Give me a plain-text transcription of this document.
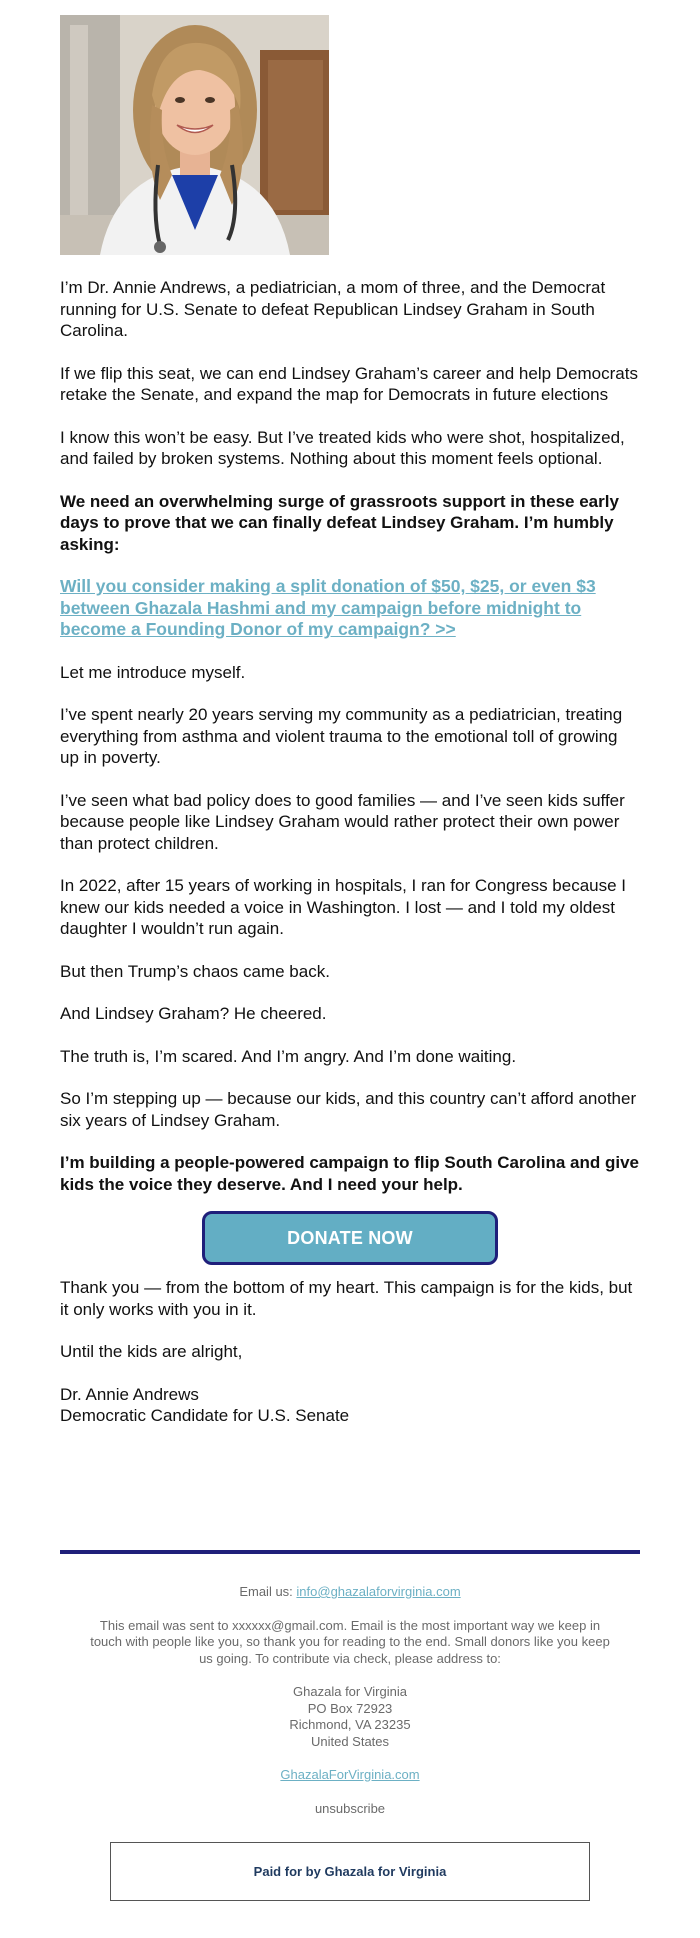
I’m Dr. Annie Andrews, a pediatrician, a mom of three, and the Democrat running for U.S. Senate to defeat Republican Lindsey Graham in South Carolina.

If we flip this seat, we can end Lindsey Graham’s career and help Democrats retake the Senate, and expand the map for Democrats in future elections

I know this won’t be easy. But I’ve treated kids who were shot, hospitalized, and failed by broken systems. Nothing about this moment feels optional.

We need an overwhelming surge of grassroots support in these early days to prove that we can finally defeat Lindsey Graham. I’m humbly asking:

Will you consider making a split donation of $50, $25, or even $3 between Ghazala Hashmi and my campaign before midnight to become a Founding Donor of my campaign? >>

Let me introduce myself.

I’ve spent nearly 20 years serving my community as a pediatrician, treating everything from asthma and violent trauma to the emotional toll of growing up in poverty.

I’ve seen what bad policy does to good families — and I’ve seen kids suffer because people like Lindsey Graham would rather protect their own power than protect children.

In 2022, after 15 years of working in hospitals, I ran for Congress because I knew our kids needed a voice in Washington. I lost — and I told my oldest daughter I wouldn’t run again.

But then Trump’s chaos came back.

And Lindsey Graham? He cheered.

The truth is, I’m scared. And I’m angry. And I’m done waiting.

So I’m stepping up — because our kids, and this country can’t afford another six years of Lindsey Graham.

I’m building a people-powered campaign to flip South Carolina and give kids the voice they deserve. And I need your help.

DONATE NOW

Thank you — from the bottom of my heart. This campaign is for the kids, but it only works with you in it.

Until the kids are alright,

Dr. Annie Andrews

Democratic Candidate for U.S. Senate

Email us: info@ghazalaforvirginia.com
This email was sent to xxxxxx@gmail.com. Email is the most important way we keep in touch with people like you, so thank you for reading to the end. Small donors like you keep us going. To contribute via check, please address to:
Ghazala for Virginia
PO Box 72923
Richmond, VA 23235
United States
GhazalaForVirginia.com
unsubscribe
Paid for by Ghazala for Virginia
